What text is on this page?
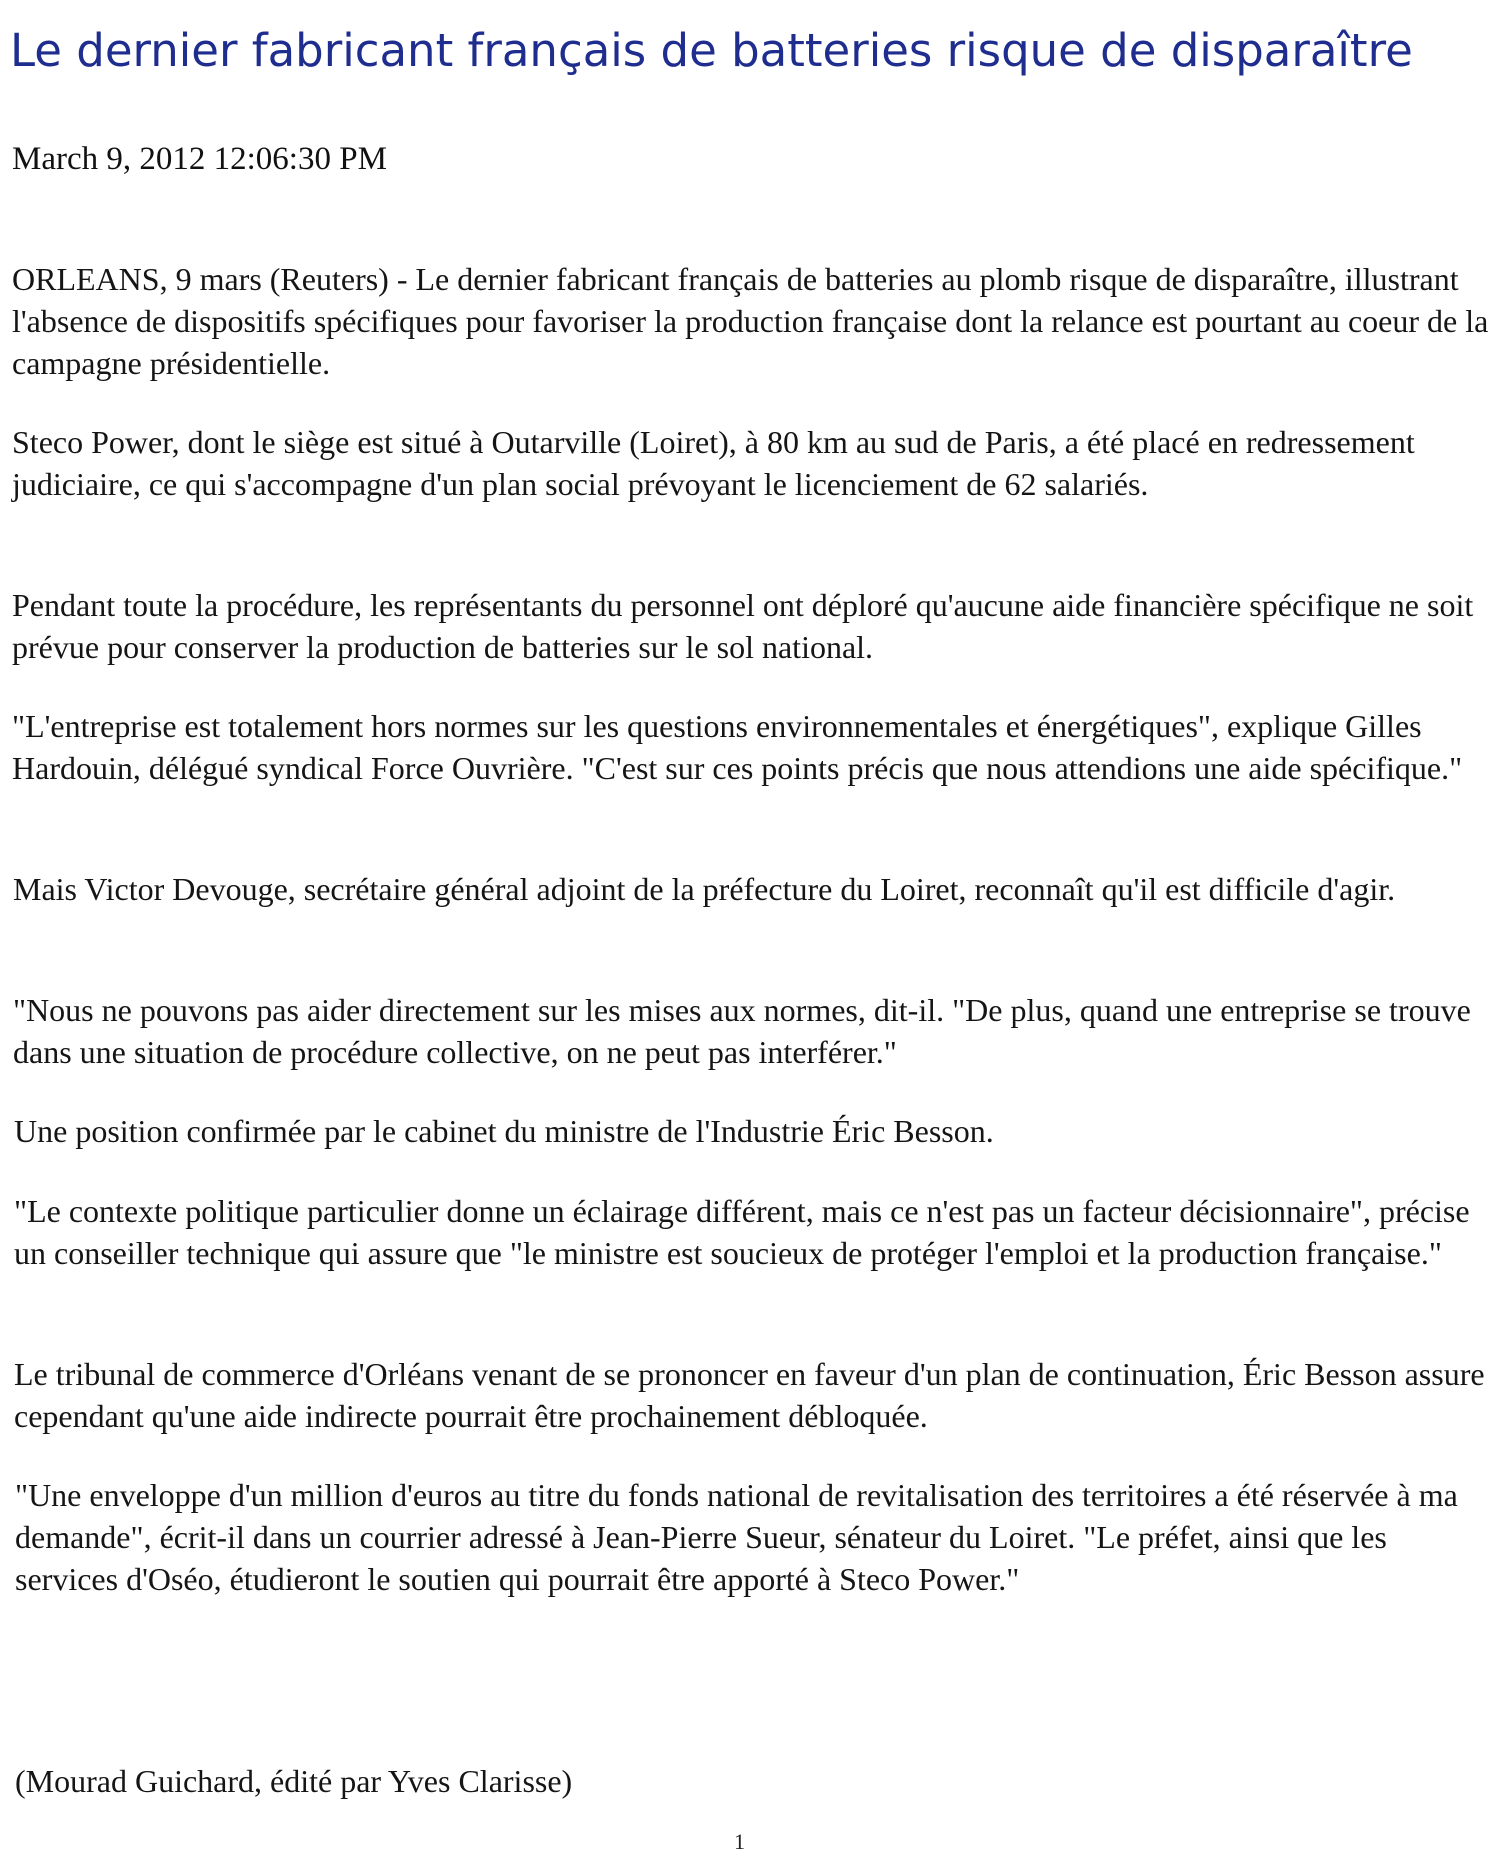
Le dernier fabricant français de batteries risque de disparaître

March 9, 2012 12:06:30 PM

ORLEANS, 9 mars (Reuters) - Le dernier fabricant français de batteries au plomb risque de disparaître, illustrant l'absence de dispositifs spécifiques pour favoriser la production française dont la relance est pourtant au coeur de la campagne présidentielle.

Steco Power, dont le siège est situé à Outarville (Loiret), à 80 km au sud de Paris, a été placé en redressement judiciaire, ce qui s'accompagne d'un plan social prévoyant le licenciement de 62 salariés.

Pendant toute la procédure, les représentants du personnel ont déploré qu'aucune aide financière spécifique ne soit prévue pour conserver la production de batteries sur le sol national.

"L'entreprise est totalement hors normes sur les questions environnementales et énergétiques", explique Gilles Hardouin, délégué syndical Force Ouvrière. "C'est sur ces points précis que nous attendions une aide spécifique."

Mais Victor Devouge, secrétaire général adjoint de la préfecture du Loiret, reconnaît qu'il est difficile d'agir.

"Nous ne pouvons pas aider directement sur les mises aux normes, dit-il. "De plus, quand une entreprise se trouve dans une situation de procédure collective, on ne peut pas interférer."

Une position confirmée par le cabinet du ministre de l'Industrie Éric Besson.

"Le contexte politique particulier donne un éclairage différent, mais ce n'est pas un facteur décisionnaire", précise un conseiller technique qui assure que "le ministre est soucieux de protéger l'emploi et la production française."

Le tribunal de commerce d'Orléans venant de se prononcer en faveur d'un plan de continuation, Éric Besson assure cependant qu'une aide indirecte pourrait être prochainement débloquée.

"Une enveloppe d'un million d'euros au titre du fonds national de revitalisation des territoires a été réservée à ma demande", écrit-il dans un courrier adressé à Jean-Pierre Sueur, sénateur du Loiret. "Le préfet, ainsi que les services d'Oséo, étudieront le soutien qui pourrait être apporté à Steco Power."

(Mourad Guichard, édité par Yves Clarisse)

1
